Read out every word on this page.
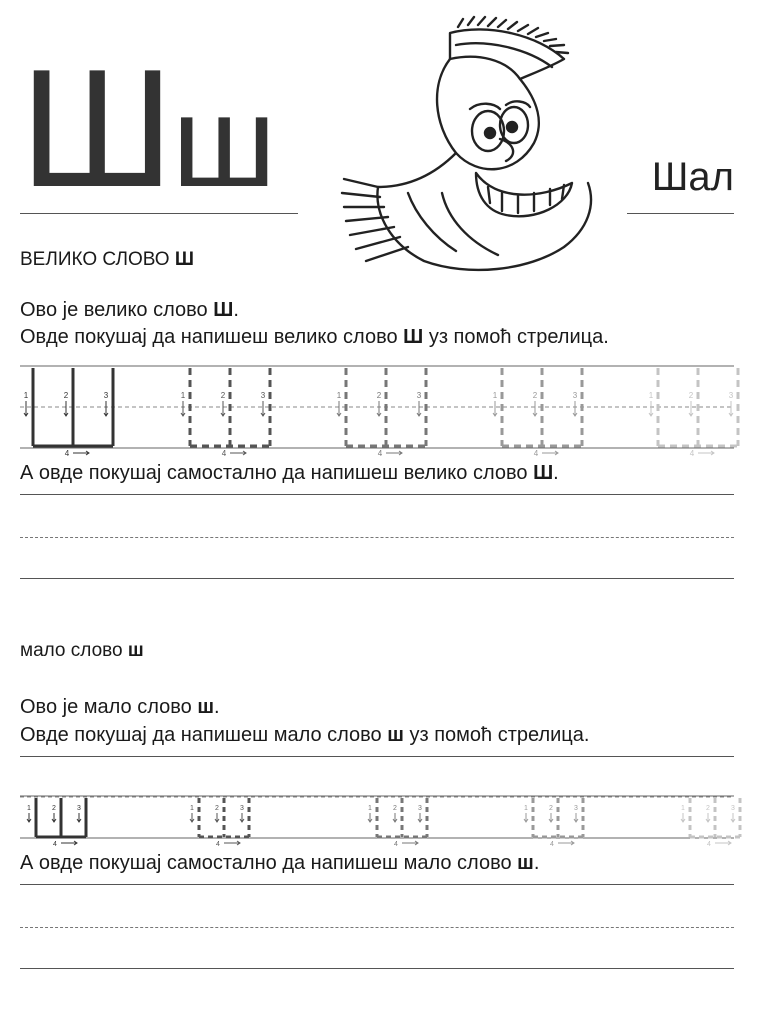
Шш	Шал
ВЕЛИКО СЛОВО Ш
Ово је велико слово Ш.
Овде покушај да напишеш велико слово Ш уз помоћ стрелица.
1	2	3
4
1	2	3
4
1	2	3
4
1	2	3
4
1	2	3
4
А овде покушај самостално да напишеш велико слово Ш.
мало слово ш
Ово је мало слово ш.
Овде покушај да напишеш мало слово ш уз помоћ стрелица.
1	2	3
4
1	2	3
4
1	2	3
4
1	2	3
4
1	2	3
4
А овде покушај самостално да напишеш мало слово ш.
